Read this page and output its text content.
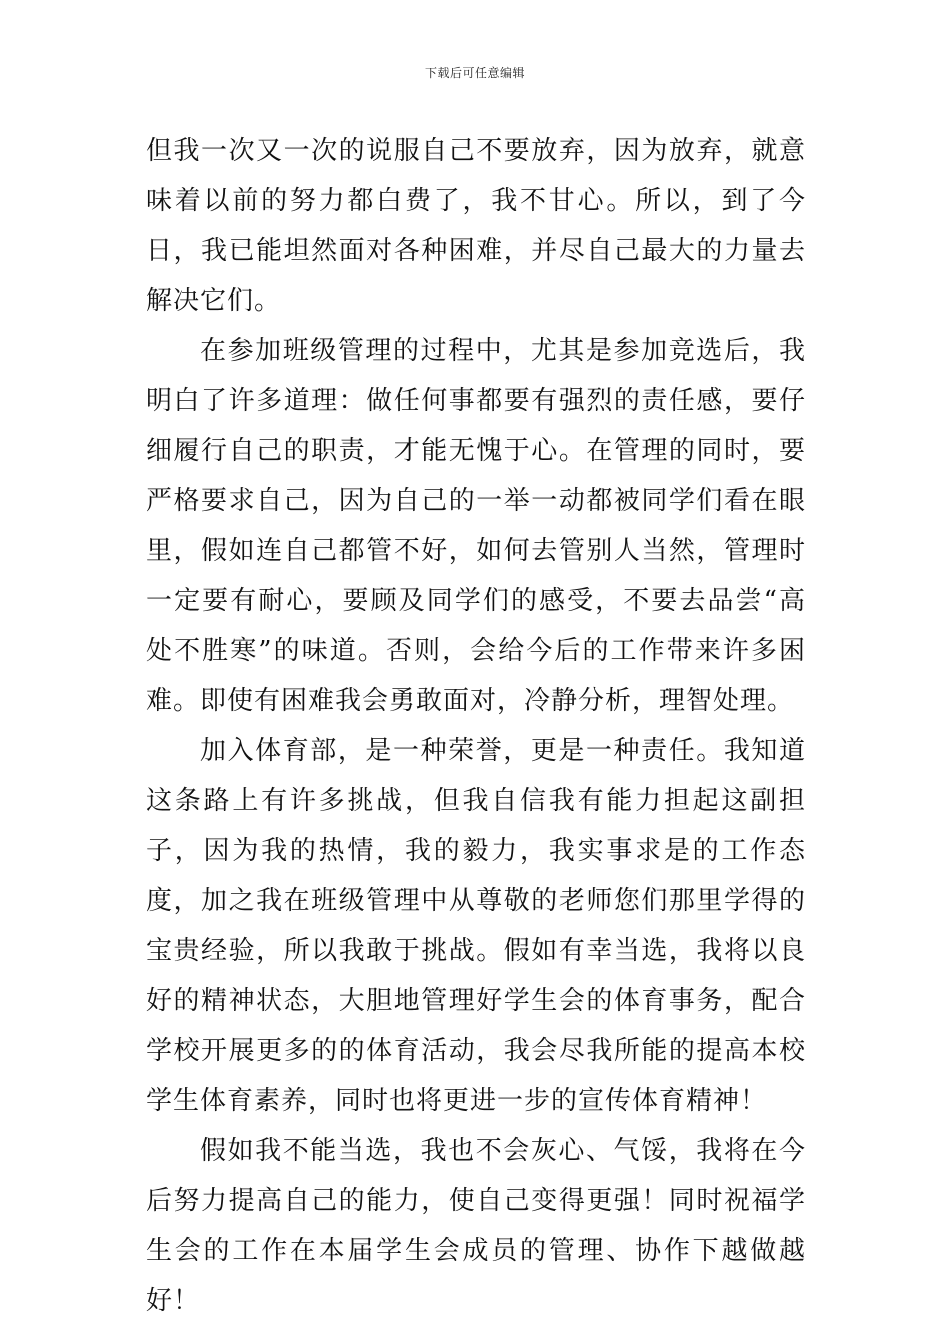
下载后可任意编辑

但我一次又一次的说服自己不要放弃，因为放弃，就意味着以前的努力都白费了，我不甘心。所以，到了今日，我已能坦然面对各种困难，并尽自己最大的力量去解决它们。

在参加班级管理的过程中，尤其是参加竞选后，我明白了许多道理：做任何事都要有强烈的责任感，要仔细履行自己的职责，才能无愧于心。在管理的同时，要严格要求自己，因为自己的一举一动都被同学们看在眼里，假如连自己都管不好，如何去管别人当然，管理时一定要有耐心，要顾及同学们的感受，不要去品尝“高处不胜寒”的味道。否则，会给今后的工作带来许多困难。即使有困难我会勇敢面对，冷静分析，理智处理。

加入体育部，是一种荣誉，更是一种责任。我知道这条路上有许多挑战，但我自信我有能力担起这副担子，因为我的热情，我的毅力，我实事求是的工作态度，加之我在班级管理中从尊敬的老师您们那里学得的宝贵经验，所以我敢于挑战。假如有幸当选，我将以良好的精神状态，大胆地管理好学生会的体育事务，配合学校开展更多的的体育活动，我会尽我所能的提高本校学生体育素养，同时也将更进一步的宣传体育精神！

假如我不能当选，我也不会灰心、气馁，我将在今后努力提高自己的能力，使自己变得更强！同时祝福学生会的工作在本届学生会成员的管理、协作下越做越好！
